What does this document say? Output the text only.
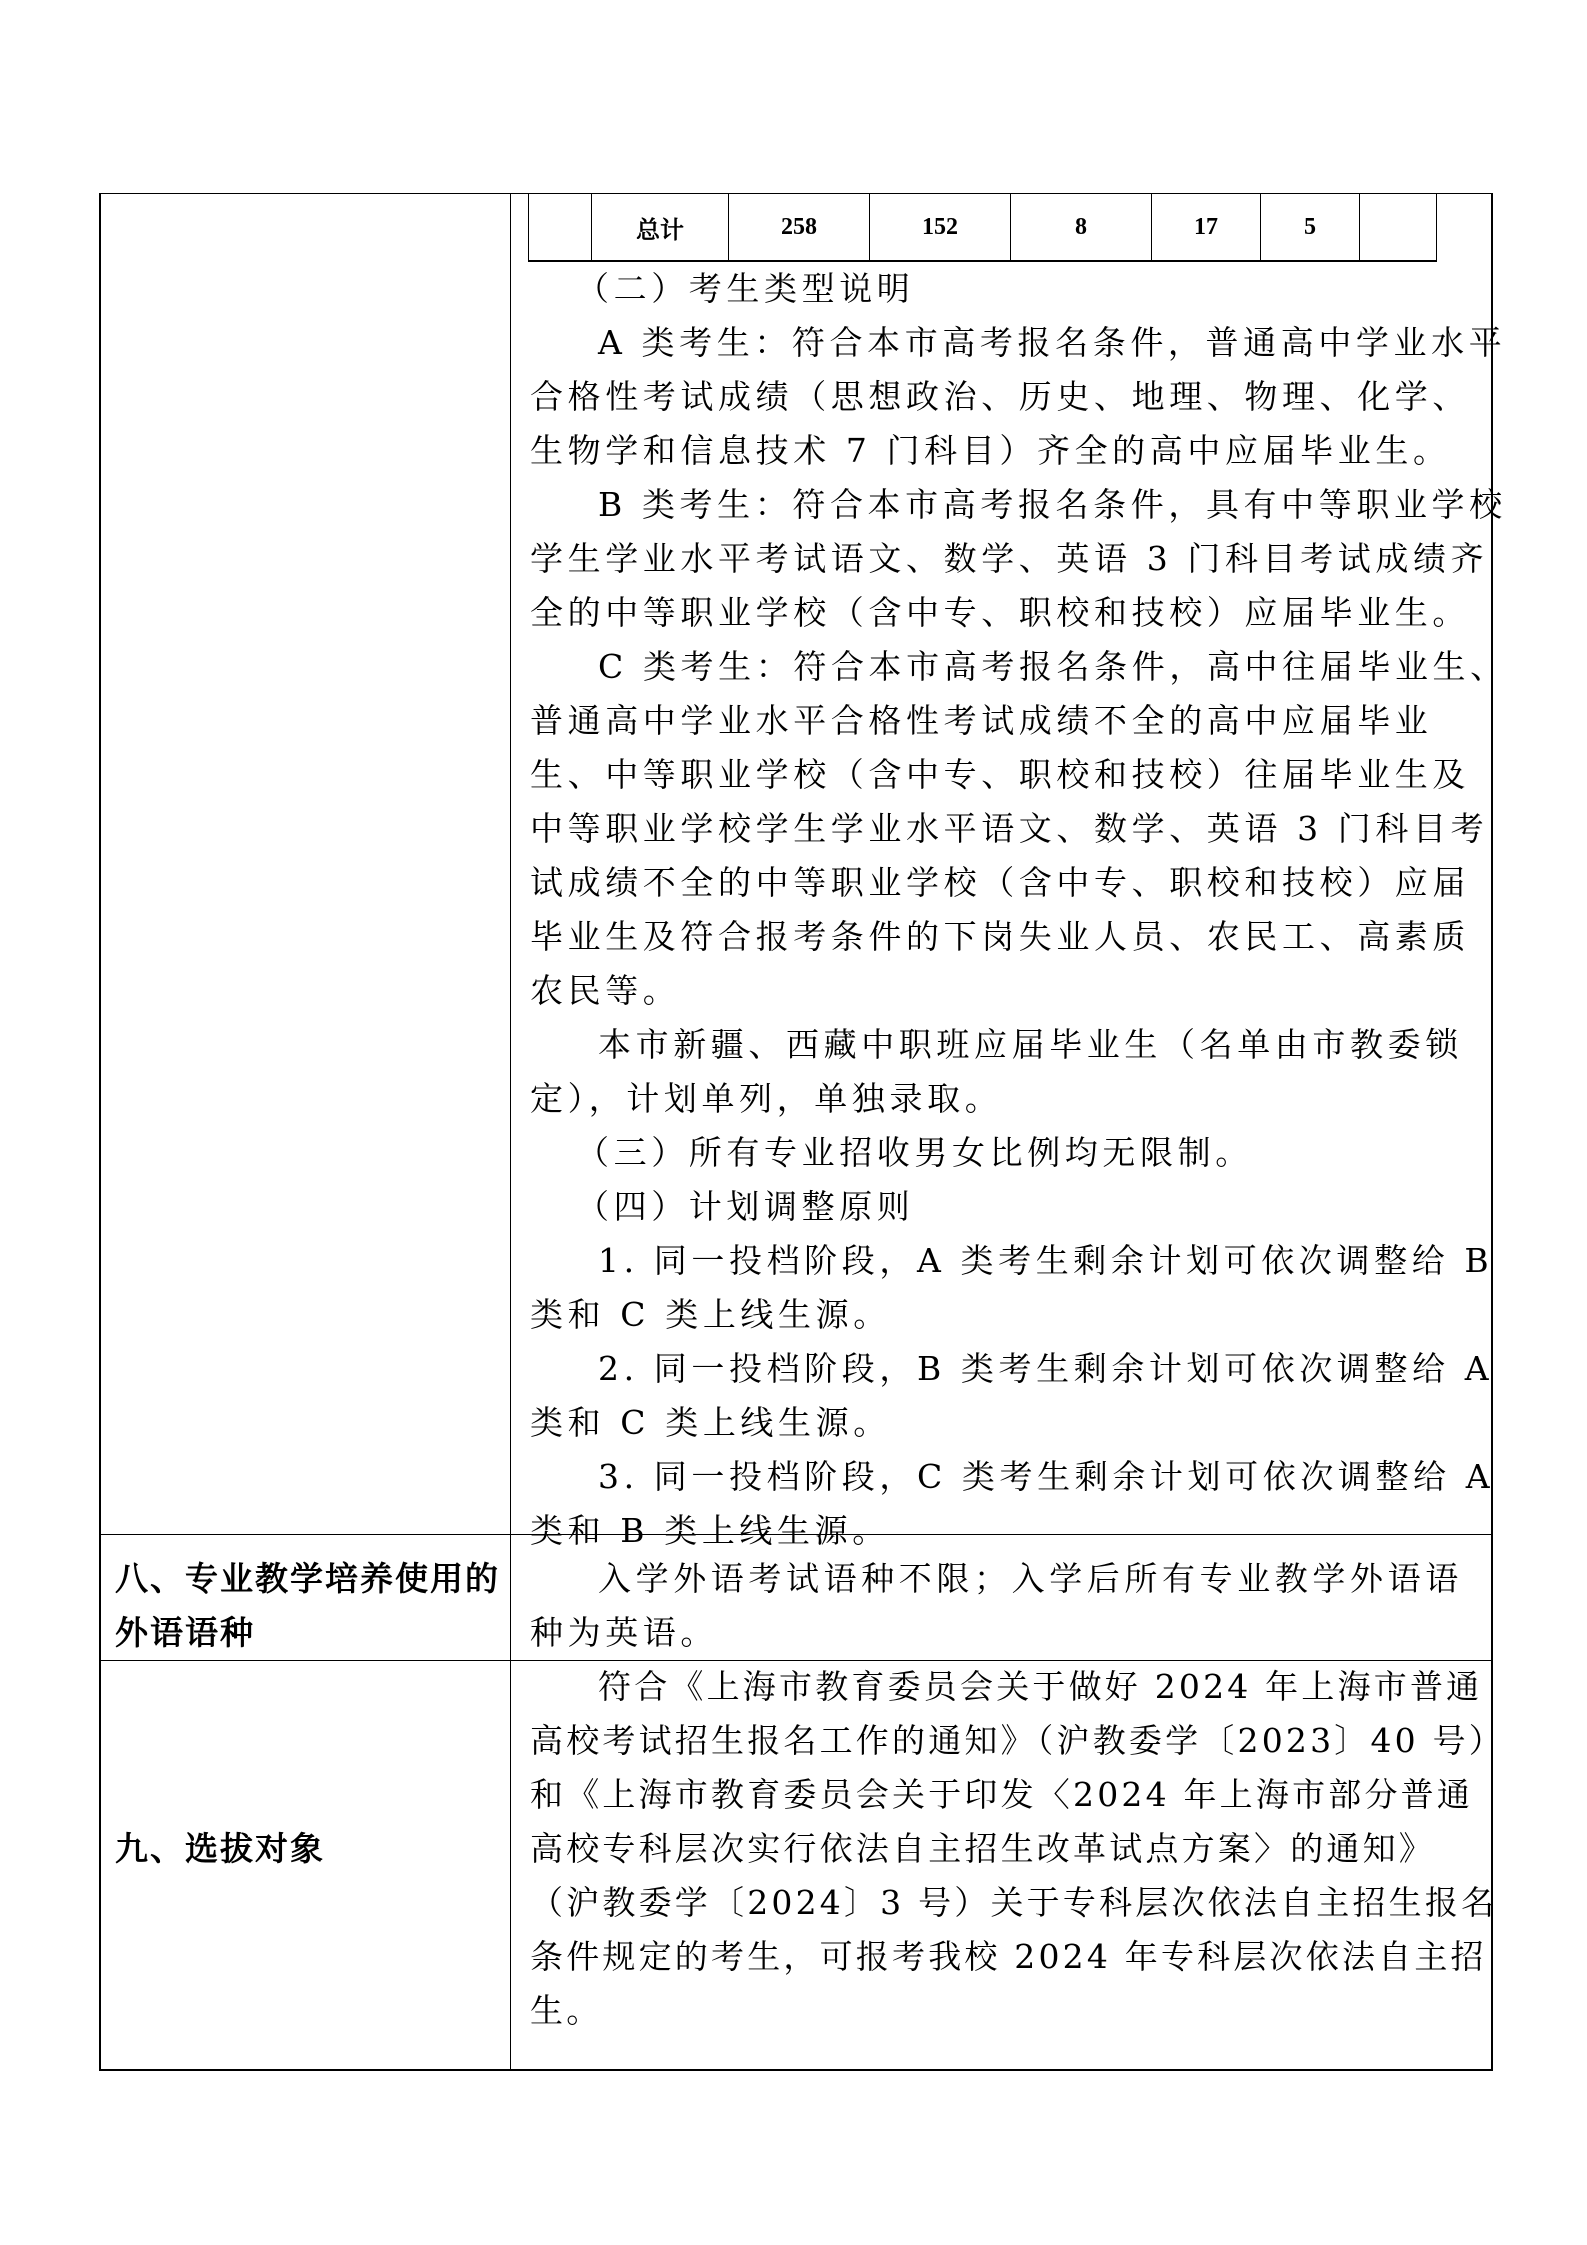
	总计	258	152	8	17	5	
（二）考生类型说明
A 类考生：符合本市高考报名条件，普通高中学业水平
合格性考试成绩（思想政治、历史、地理、物理、化学、
生物学和信息技术 7 门科目）齐全的高中应届毕业生。
B 类考生：符合本市高考报名条件，具有中等职业学校
学生学业水平考试语文、数学、英语 3 门科目考试成绩齐
全的中等职业学校（含中专、职校和技校）应届毕业生。
C 类考生：符合本市高考报名条件，高中往届毕业生、
普通高中学业水平合格性考试成绩不全的高中应届毕业
生、中等职业学校（含中专、职校和技校）往届毕业生及
中等职业学校学生学业水平语文、数学、英语 3 门科目考
试成绩不全的中等职业学校（含中专、职校和技校）应届
毕业生及符合报考条件的下岗失业人员、农民工、高素质
农民等。
本市新疆、西藏中职班应届毕业生（名单由市教委锁
定），计划单列，单独录取。
（三）所有专业招收男女比例均无限制。
（四）计划调整原则
1. 同一投档阶段，A 类考生剩余计划可依次调整给 B
类和 C 类上线生源。
2. 同一投档阶段，B 类考生剩余计划可依次调整给 A
类和 C 类上线生源。
3. 同一投档阶段，C 类考生剩余计划可依次调整给 A
类和 B 类上线生源。
八、专业教学培养使用的
外语语种
入学外语考试语种不限；入学后所有专业教学外语语
种为英语。
九、选拔对象
符合《上海市教育委员会关于做好 2024 年上海市普通
高校考试招生报名工作的通知》（沪教委学〔2023〕40 号）
和《上海市教育委员会关于印发〈2024 年上海市部分普通
高校专科层次实行依法自主招生改革试点方案〉的通知》
（沪教委学〔2024〕3 号）关于专科层次依法自主招生报名
条件规定的考生，可报考我校 2024 年专科层次依法自主招
生。
